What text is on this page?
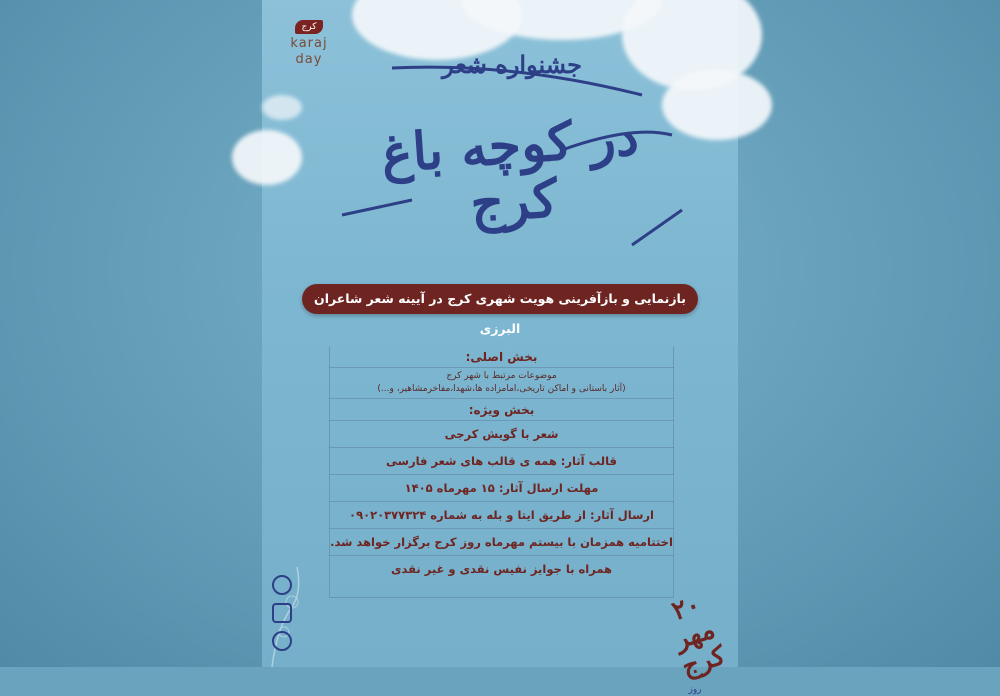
کرج
karaj
day	جشنواره شعر
در کوچه باغ کرج
بازنمایی و بازآفرینی هویت شهری کرج در آیینه شعر شاعران البرزی
بخش اصلی:
موضوعات مرتبط با شهر کرج
(آثار باستانی و اماکن تاریخی،امامزاده ها،شهدا،مفاخرمشاهیر، و...)
بخش ویژه:
شعر با گویش کرجی
قالب آثار: همه ی قالب های شعر فارسی
مهلت ارسال آثار: ۱۵ مهرماه ۱۴۰۵
ارسال آثار: از طریق ایتا و بله به شماره ۰۹۰۲۰۳۷۷۳۲۴
اختتامیه همزمان با بیستم مهرماه روز کرج برگزار خواهد شد.
همراه با جوایز نفیس نقدی و غیر نقدی
۲۰ مهر کرج
روز
